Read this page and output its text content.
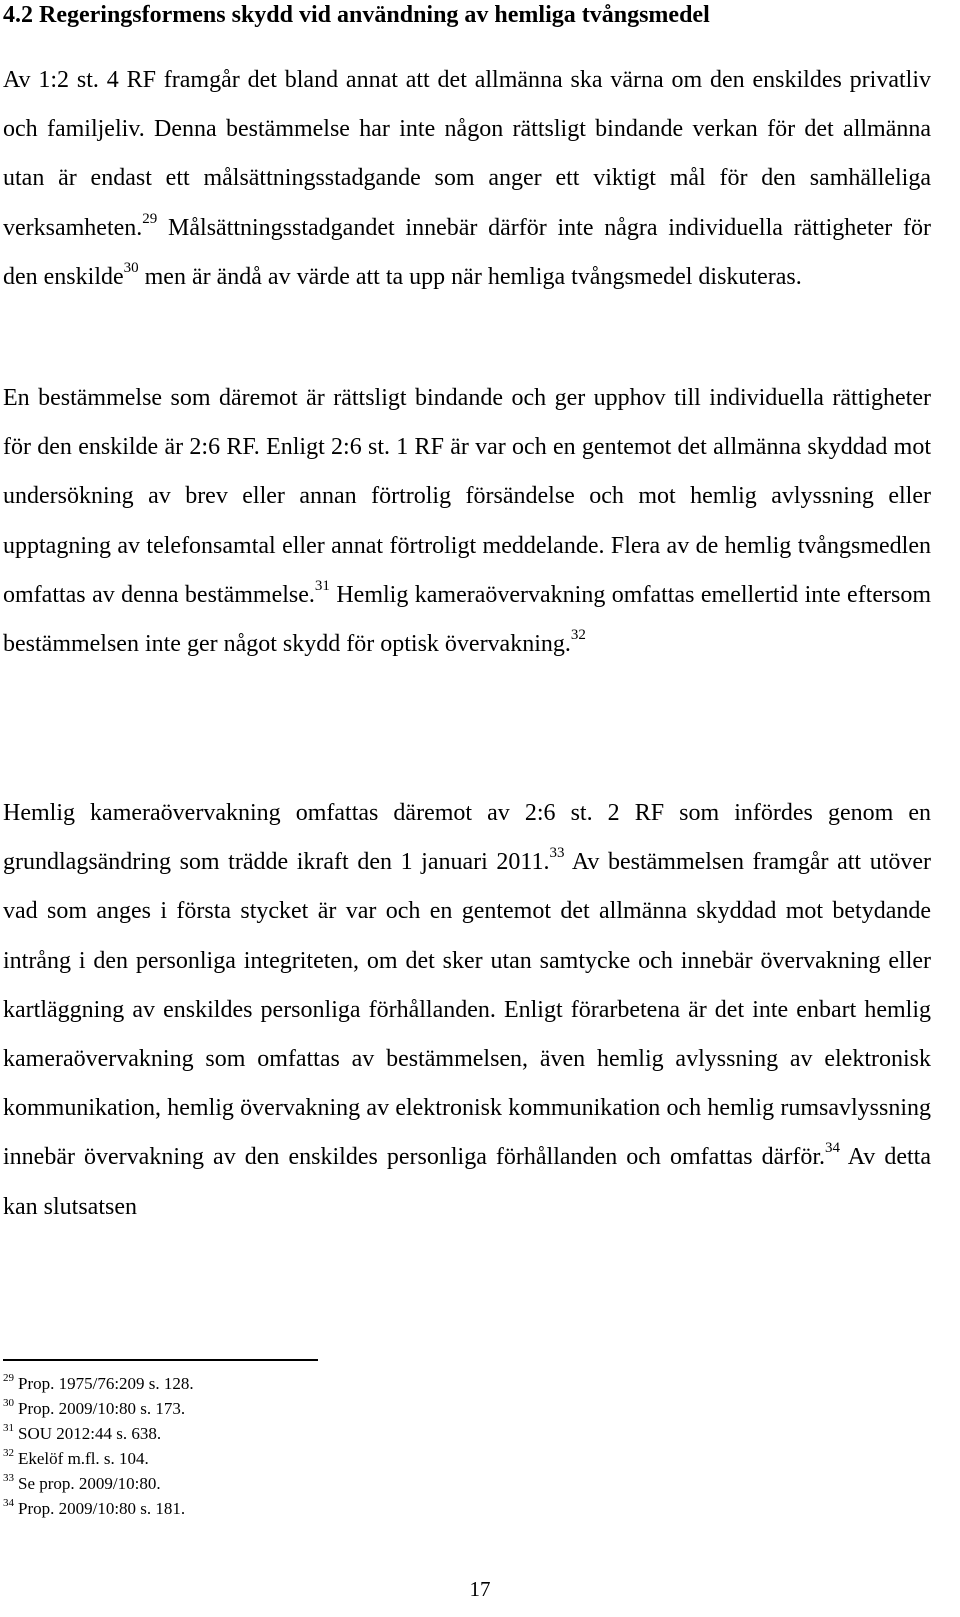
4.2 Regeringsformens skydd vid användning av hemliga tvångsmedel

Av 1:2 st. 4 RF framgår det bland annat att det allmänna ska värna om den enskildes privatliv och familjeliv. Denna bestämmelse har inte någon rättsligt bindande verkan för det allmänna utan är endast ett målsättningsstadgande som anger ett viktigt mål för den samhälleliga verksamheten.$^{29}$ Målsättningsstadgandet innebär därför inte några individuella rättigheter för den enskilde$^{30}$ men är ändå av värde att ta upp när hemliga tvångsmedel diskuteras.

En bestämmelse som däremot är rättsligt bindande och ger upphov till individuella rättigheter för den enskilde är 2:6 RF. Enligt 2:6 st. 1 RF är var och en gentemot det allmänna skyddad mot undersökning av brev eller annan förtrolig försändelse och mot hemlig avlyssning eller upptagning av telefonsamtal eller annat förtroligt meddelande. Flera av de hemlig tvångsmedlen omfattas av denna bestämmelse.$^{31}$ Hemlig kameraövervakning omfattas emellertid inte eftersom bestämmelsen inte ger något skydd för optisk övervakning.$^{32}$

Hemlig kameraövervakning omfattas däremot av 2:6 st. 2 RF som infördes genom en grundlagsändring som trädde ikraft den 1 januari 2011.33 Av bestämmelsen framgår att utöver vad som anges i första stycket är var och en gentemot det allmänna skyddad mot betydande intrång i den personliga integriteten, om det sker utan samtycke och innebär övervakning eller kartläggning av enskildes personliga förhållanden. Enligt förarbetena är det inte enbart hemlig kameraövervakning som omfattas av bestämmelsen, även hemlig avlyssning av elektronisk kommunikation, hemlig övervakning av elektronisk kommunikation och hemlig rumsavlyssning innebär övervakning av den enskildes personliga förhållanden och omfattas därför.$^{34}$ Av detta kan slutsatsen

$^{29}$ Prop. 1975/76:209 s. 128.
$^{30}$ Prop. 2009/10:80 s. 173.
$^{31}$ SOU 2012:44 s. 638.
$^{32}$ Ekelöf m.fl. s. 104.
$^{33}$ Se prop. 2009/10:80.
$^{34}$ Prop. 2009/10:80 s. 181.
17
